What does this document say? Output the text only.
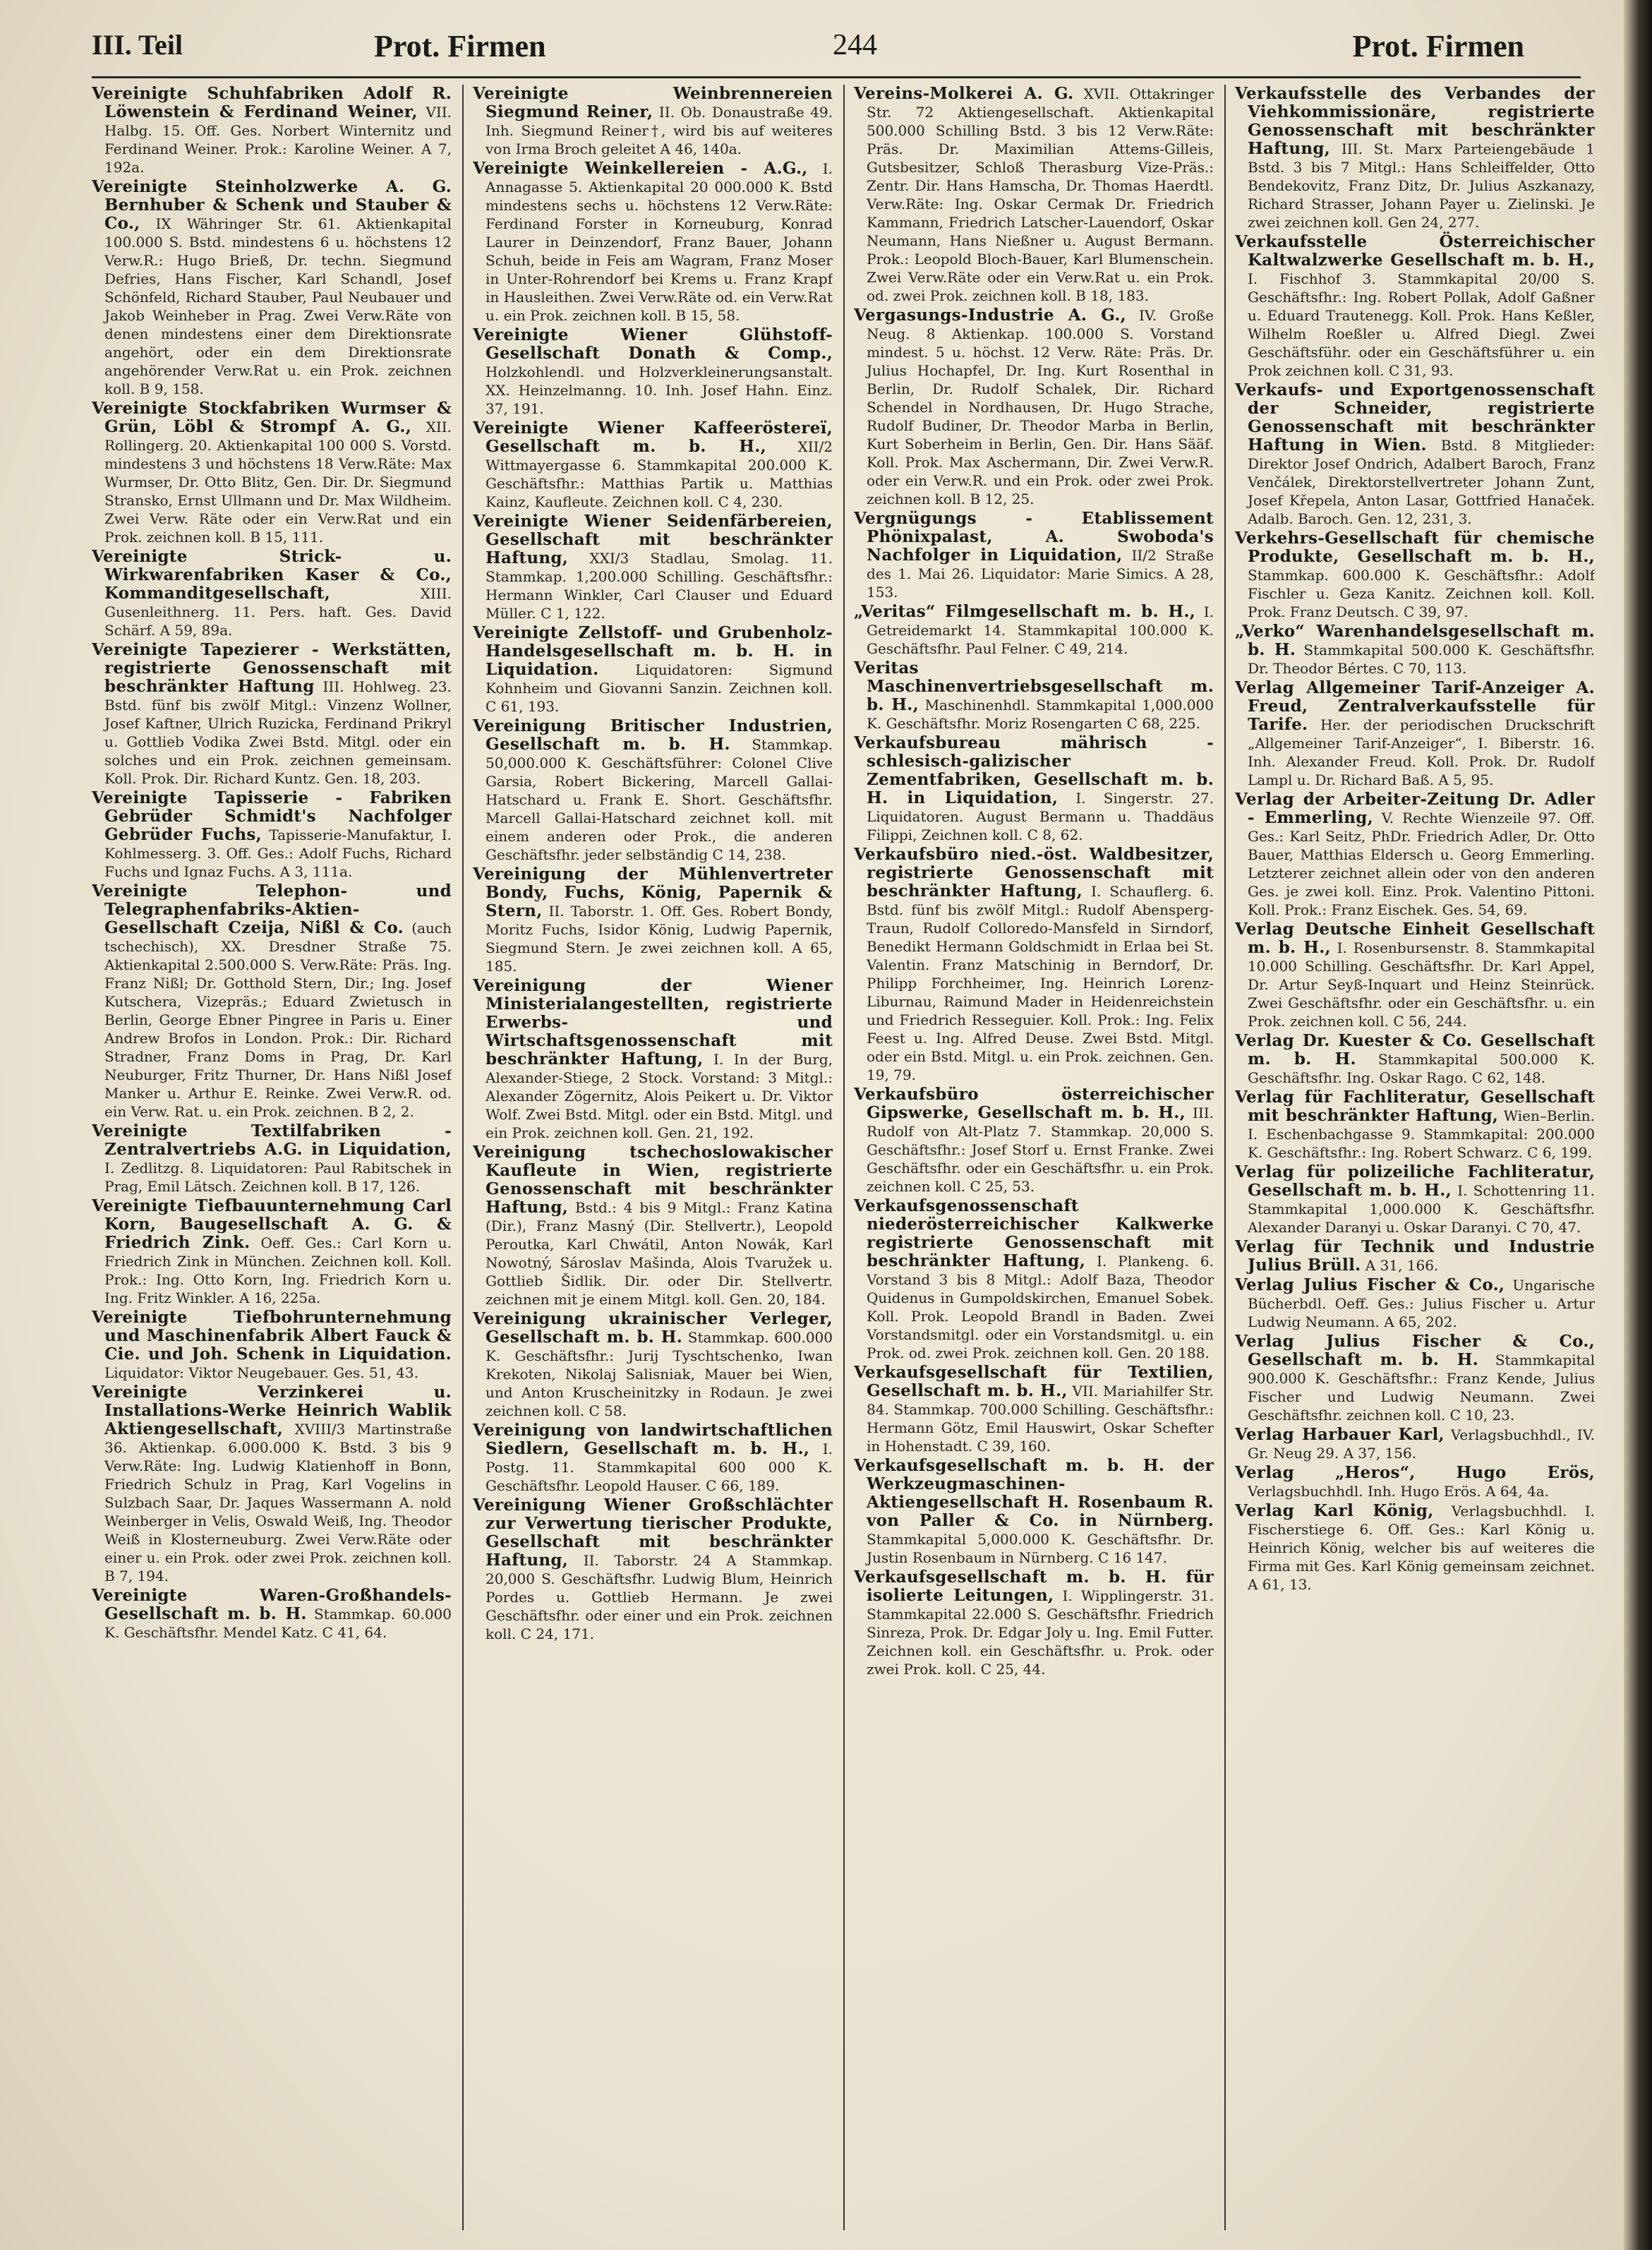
III. Teil	Prot. Firmen	244	Prot. Firmen

Vereinigte Schuhfabriken Adolf R. Löwenstein & Ferdinand Weiner, VII. Halbg. 15. Off. Ges. Norbert Winternitz und Ferdinand Weiner. Prok.: Karoline Weiner. A 7, 192a.

Vereinigte Steinholzwerke A. G. Bernhuber & Schenk und Stauber & Co., IX Währinger Str. 61. Aktienkapital 100.000 S. Bstd. mindestens 6 u. höchstens 12 Verw.R.: Hugo Brieß, Dr. techn. Siegmund Defries, Hans Fischer, Karl Schandl, Josef Schönfeld, Richard Stauber, Paul Neubauer und Jakob Weinheber in Prag. Zwei Verw.Räte von denen mindestens einer dem Direktionsrate angehört, oder ein dem Direktionsrate angehörender Verw.Rat u. ein Prok. zeichnen koll. B 9, 158.

Vereinigte Stockfabriken Wurmser & Grün, Löbl & Strompf A. G., XII. Rollingerg. 20. Aktienkapital 100 000 S. Vorstd. mindestens 3 und höchstens 18 Verw.Räte: Max Wurmser, Dr. Otto Blitz, Gen. Dir. Dr. Siegmund Stransko, Ernst Ullmann und Dr. Max Wildheim. Zwei Verw. Räte oder ein Verw.Rat und ein Prok. zeichnen koll. B 15, 111.

Vereinigte Strick- u. Wirkwarenfabriken Kaser & Co., Kommanditgesellschaft,	XIII. Gusenleithnerg. 11. Pers. haft. Ges. David Schärf. A 59, 89a.

Vereinigte Tapezierer - Werkstätten, registrierte Genossenschaft mit beschränkter Haftung III. Hohlweg. 23. Bstd. fünf bis zwölf Mitgl.: Vinzenz Wollner, Josef Kaftner, Ulrich Ruzicka, Ferdinand Prikryl u. Gottlieb Vodika Zwei Bstd. Mitgl. oder ein solches und ein Prok. zeichnen gemeinsam. Koll. Prok. Dir. Richard Kuntz. Gen. 18, 203.

Vereinigte Tapisserie - Fabriken Gebrüder Schmidt's Nachfolger Gebrüder Fuchs, Tapisserie-Manufaktur, I. Kohlmesserg. 3. Off. Ges.: Adolf Fuchs, Richard Fuchs und Ignaz Fuchs. A 3, 111a.

Vereinigte Telephon- und Telegraphenfabriks-Aktien-Gesellschaft Czeija, Nißl & Co. (auch tschechisch), XX. Dresdner Straße 75. Aktienkapital 2.500.000 S. Verw.Räte: Präs. Ing. Franz Nißl; Dr. Gotthold Stern, Dir.; Ing. Josef Kutschera, Vizepräs.; Eduard Zwietusch in Berlin, George Ebner Pingree in Paris u. Einer Andrew Brofos in London. Prok.: Dir. Richard Stradner, Franz Doms in Prag, Dr. Karl Neuburger, Fritz Thurner, Dr. Hans Nißl Josef Manker u. Arthur E. Reinke. Zwei Verw.R. od. ein Verw. Rat. u. ein Prok. zeichnen. B 2, 2.

Vereinigte Textilfabriken - Zentralvertriebs A.G. in Liquidation, I. Zedlitzg. 8. Liquidatoren: Paul Rabitschek in Prag, Emil Lätsch. Zeichnen koll. B 17, 126.

Vereinigte Tiefbauunternehmung Carl Korn, Baugesellschaft A. G. & Friedrich Zink. Oeff. Ges.: Carl Korn u. Friedrich Zink in München. Zeichnen koll. Koll. Prok.: Ing. Otto Korn, Ing. Friedrich Korn u. Ing. Fritz Winkler. A 16, 225a.

Vereinigte Tiefbohrunternehmung und Maschinenfabrik Albert Fauck & Cie. und Joh. Schenk in Liquidation. Liquidator: Viktor Neugebauer. Ges. 51, 43.

Vereinigte Verzinkerei u. Installations-Werke Heinrich Wablik Aktiengesellschaft, XVIII/3 Martinstraße 36. Aktienkap. 6.000.000 K. Bstd. 3 bis 9 Verw.Räte: Ing. Ludwig Klatienhoff in Bonn, Friedrich Schulz in Prag, Karl Vogelins in Sulzbach Saar, Dr. Jaques Wassermann A. nold Weinberger in Velis, Oswald Weiß, Ing. Theodor Weiß in Klosterneuburg. Zwei Verw.Räte oder einer u. ein Prok. oder zwei Prok. zeichnen koll. B 7, 194.

Vereinigte Waren-Großhandels-Gesellschaft m. b. H. Stammkap. 60.000 K. Geschäftsfhr. Mendel Katz. C 41, 64.

Vereinigte Weinbrennereien Siegmund Reiner, II. Ob. Donaustraße 49. Inh. Siegmund Reiner†, wird bis auf weiteres von Irma Broch geleitet A 46, 140a.

Vereinigte Weinkellereien - A.G., I. Annagasse 5. Aktienkapital 20 000.000 K. Bstd mindestens sechs u. höchstens 12 Verw.Räte: Ferdinand Forster in Korneuburg, Konrad Laurer in Deinzendorf, Franz Bauer, Johann Schuh, beide in Feis am Wagram, Franz Moser in Unter-Rohrendorf bei Krems u. Franz Krapf in Hausleithen. Zwei Verw.Räte od. ein Verw.Rat u. ein Prok. zeichnen koll. B 15, 58.

Vereinigte Wiener Glühstoff-Gesellschaft Donath & Comp., Holzkohlendl. und Holzverkleinerungsanstalt. XX. Heinzelmanng. 10. Inh. Josef Hahn. Einz. 37, 191.

Vereinigte Wiener Kaffeeröstereï, Gesellschaft m. b. H., XII/2 Wittmayergasse 6. Stammkapital 200.000 K. Geschäftsfhr.: Matthias Partik u. Matthias Kainz, Kaufleute. Zeichnen koll. C 4, 230.

Vereinigte Wiener Seidenfärbereien, Gesellschaft mit beschränkter Haftung, XXI/3 Stadlau, Smolag. 11. Stammkap. 1,200.000 Schilling. Geschäftsfhr.: Hermann Winkler, Carl Clauser und Eduard Müller. C 1, 122.

Vereinigte Zellstoff- und Grubenholz-Handelsgesellschaft m. b. H. in Liquidation.	Liquidatoren: Sigmund Kohnheim und Giovanni Sanzin. Zeichnen koll. C 61, 193.

Vereinigung Britischer Industrien, Gesellschaft m. b. H. Stammkap. 50,000.000 K. Geschäftsführer: Colonel Clive Garsia, Robert Bickering, Marcell Gallai-Hatschard u. Frank E. Short. Geschäftsfhr. Marcell Gallai-Hatschard zeichnet koll. mit einem anderen oder Prok., die anderen Geschäftsfhr. jeder selbständig C 14, 238.

Vereinigung der Mühlenvertreter Bondy, Fuchs, König, Papernik & Stern, II. Taborstr. 1. Off. Ges. Robert Bondy, Moritz Fuchs, Isidor König, Ludwig Papernik, Siegmund Stern. Je zwei zeichnen koll. A 65, 185.

Vereinigung der Wiener Ministerialangestellten, registrierte Erwerbs- und Wirtschaftsgenossenschaft mit beschränkter Haftung, I. In der Burg, Alexander-Stiege, 2 Stock. Vorstand: 3 Mitgl.: Alexander Zögernitz, Alois Peikert u. Dr. Viktor Wolf. Zwei Bstd. Mitgl. oder ein Bstd. Mitgl. und ein Prok. zeichnen koll. Gen. 21, 192.

Vereinigung tschechoslowakischer Kaufleute in Wien, registrierte Genossenschaft mit beschränkter Haftung, Bstd.: 4 bis 9 Mitgl.: Franz Katina (Dir.), Franz Masný (Dir. Stellvertr.), Leopold Peroutka, Karl Chwátil, Anton Nowák, Karl Nowotný, Sároslav Mašinda, Alois Tvaružek u. Gottlieb Šidlik. Dir. oder Dir. Stellvertr. zeichnen mit je einem Mitgl. koll. Gen. 20, 184.

Vereinigung ukrainischer Verleger, Gesellschaft m. b. H. Stammkap. 600.000 K. Geschäftsfhr.: Jurij Tyschtschenko, Iwan Krekoten, Nikolaj Salisniak, Mauer bei Wien, und Anton Kruscheinitzky in Rodaun. Je zwei zeichnen koll. C 58.

Vereinigung von landwirtschaftlichen Siedlern, Gesellschaft m. b. H., I. Postg. 11. Stammkapital 600 000 K. Geschäftsfhr. Leopold Hauser. C 66, 189.

Vereinigung Wiener Großschlächter zur Verwertung tierischer Produkte, Gesellschaft mit beschränkter Haftung, II. Taborstr. 24 A Stammkap. 20,000 S. Geschäftsfhr. Ludwig Blum, Heinrich Pordes u. Gottlieb Hermann. Je zwei Geschäftsfhr. oder einer und ein Prok. zeichnen koll. C 24, 171.

Vereins-Molkerei A. G. XVII. Ottakringer Str. 72 Aktiengesellschaft. Aktienkapital 500.000 Schilling Bstd. 3 bis 12 Verw.Räte: Präs. Dr. Maximilian Attems-Gilleis, Gutsbesitzer, Schloß Therasburg Vize-Präs.: Zentr. Dir. Hans Hamscha, Dr. Thomas Haerdtl. Verw.Räte: Ing. Oskar Cermak Dr. Friedrich Kammann, Friedrich Latscher-Lauendorf, Oskar Neumann, Hans Nießner u. August Bermann. Prok.: Leopold Bloch-Bauer, Karl Blumenschein. Zwei Verw.Räte oder ein Verw.Rat u. ein Prok. od. zwei Prok. zeichnen koll. B 18, 183.

Vergasungs-Industrie A. G., IV. Große Neug. 8 Aktienkap. 100.000 S. Vorstand mindest. 5 u. höchst. 12 Verw. Räte: Präs. Dr. Julius Hochapfel, Dr. Ing. Kurt Rosenthal in Berlin, Dr. Rudolf Schalek, Dir. Richard Schendel in Nordhausen, Dr. Hugo Strache, Rudolf Budiner, Dr. Theodor Marba in Berlin, Kurt Soberheim in Berlin, Gen. Dir. Hans Sääf. Koll. Prok. Max Aschermann, Dir. Zwei Verw.R. oder ein Verw.R. und ein Prok. oder zwei Prok. zeichnen koll. B 12, 25.

Vergnügungs - Etablissement Phönixpalast, A. Swoboda's Nachfolger in Liquidation, II/2 Straße des 1. Mai 26. Liquidator: Marie Simics. A 28, 153.

„Veritas“ Filmgesellschaft m. b. H., I. Getreidemarkt 14. Stammkapital 100.000 K. Geschäftsfhr. Paul Felner. C 49, 214.

Veritas Maschinenvertriebsgesellschaft m. b. H., Maschinenhdl. Stammkapital 1,000.000 K. Geschäftsfhr. Moriz Rosengarten C 68, 225.

Verkaufsbureau mährisch - schlesisch-galizischer Zementfabriken, Gesellschaft m. b. H. in Liquidation, I. Singerstr. 27. Liquidatoren. August Bermann u. Thaddäus Filippi, Zeichnen koll. C 8, 62.

Verkaufsbüro nied.-öst. Waldbesitzer, registrierte Genossenschaft mit beschränkter Haftung, I. Schauflerg. 6. Bstd. fünf bis zwölf Mitgl.: Rudolf Abensperg-Traun, Rudolf Colloredo-Mansfeld in Sirndorf, Benedikt Hermann Goldschmidt in Erlaa bei St. Valentin. Franz Matschinig in Berndorf, Dr. Philipp Forchheimer, Ing. Heinrich Lorenz-Liburnau, Raimund Mader in Heidenreichstein und Friedrich Resseguier. Koll. Prok.: Ing. Felix Feest u. Ing. Alfred Deuse. Zwei Bstd. Mitgl. oder ein Bstd. Mitgl. u. ein Prok. zeichnen. Gen. 19, 79.

Verkaufsbüro österreichischer Gipswerke, Gesellschaft m. b. H., III. Rudolf von Alt-Platz 7. Stammkap. 20,000 S. Geschäftsfhr.: Josef Storf u. Ernst Franke. Zwei Geschäftsfhr. oder ein Geschäftsfhr. u. ein Prok. zeichnen koll. C 25, 53.

Verkaufsgenossenschaft niederösterreichischer Kalkwerke registrierte Genossenschaft mit beschränkter Haftung, I. Plankeng. 6. Vorstand 3 bis 8 Mitgl.: Adolf Baza, Theodor Quidenus in Gumpoldskirchen, Emanuel Sobek. Koll. Prok. Leopold Brandl in Baden. Zwei Vorstandsmitgl. oder ein Vorstandsmitgl. u. ein Prok. od. zwei Prok. zeichnen koll. Gen. 20 188.

Verkaufsgesellschaft für Textilien, Gesellschaft m. b. H., VII. Mariahilfer Str. 84. Stammkap. 700.000 Schilling. Geschäftsfhr.: Hermann Götz, Emil Hauswirt, Oskar Schefter in Hohenstadt. C 39, 160.

Verkaufsgesellschaft m. b. H. der Werkzeugmaschinen-Aktiengesellschaft H. Rosenbaum R. von Paller & Co. in Nürnberg. Stammkapital 5,000.000 K. Geschäftsfhr. Dr. Justin Rosenbaum in Nürnberg. C 16 147.

Verkaufsgesellschaft m. b. H. für isolierte Leitungen, I. Wipplingerstr. 31. Stammkapital 22.000 S. Geschäftsfhr. Friedrich Sinreza, Prok. Dr. Edgar Joly u. Ing. Emil Futter. Zeichnen koll. ein Geschäftsfhr. u. Prok. oder zwei Prok. koll. C 25, 44.

Verkaufsstelle des Verbandes der Viehkommissionäre, registrierte Genossenschaft mit beschränkter Haftung, III. St. Marx Parteiengebäude 1 Bstd. 3 bis 7 Mitgl.: Hans Schleiffelder, Otto Bendekovitz, Franz Ditz, Dr. Julius Aszkanazy, Richard Strasser, Johann Payer u. Zielinski. Je zwei zeichnen koll. Gen 24, 277.

Verkaufsstelle Österreichischer Kaltwalzwerke Gesellschaft m. b. H., I. Fischhof 3. Stammkapital 20/00 S. Geschäftsfhr.: Ing. Robert Pollak, Adolf Gaßner u. Eduard Trautenegg. Koll. Prok. Hans Keßler, Wilhelm Roeßler u. Alfred Diegl. Zwei Geschäftsführ. oder ein Geschäftsführer u. ein Prok zeichnen koll. C 31, 93.

Verkaufs- und Exportgenossenschaft der Schneider, registrierte Genossenschaft mit beschränkter Haftung in Wien. Bstd. 8 Mitglieder: Direktor Josef Ondrich, Adalbert Baroch, Franz Venčálek, Direktorstellvertreter Johann Zunt, Josef Křepela, Anton Lasar, Gottfried Hanaček. Adalb. Baroch. Gen. 12, 231, 3.

Verkehrs-Gesellschaft für chemische Produkte, Gesellschaft m. b. H., Stammkap. 600.000 K. Geschäftsfhr.: Adolf Fischler u. Geza Kanitz. Zeichnen koll. Koll. Prok. Franz Deutsch. C 39, 97.

„Verko“ Warenhandelsgesellschaft m. b. H. Stammkapital 500.000 K. Geschäftsfhr. Dr. Theodor Bértes. C 70, 113.

Verlag Allgemeiner Tarif-Anzeiger A. Freud, Zentralverkaufsstelle für Tarife. Her. der periodischen Druckschrift „Allgemeiner Tarif-Anzeiger“, I. Biberstr. 16. Inh. Alexander Freud. Koll. Prok. Dr. Rudolf Lampl u. Dr. Richard Baß. A 5, 95.

Verlag der Arbeiter-Zeitung Dr. Adler - Emmerling, V. Rechte Wienzeile 97. Off. Ges.: Karl Seitz, PhDr. Friedrich Adler, Dr. Otto Bauer, Matthias Eldersch u. Georg Emmerling. Letzterer zeichnet allein oder von den anderen Ges. je zwei koll. Einz. Prok. Valentino Pittoni. Koll. Prok.: Franz Eischek. Ges. 54, 69.

Verlag Deutsche Einheit Gesellschaft m. b. H., I. Rosenbursenstr. 8. Stammkapital 10.000 Schilling. Geschäftsfhr. Dr. Karl Appel, Dr. Artur Seyß-Inquart und Heinz Steinrück. Zwei Geschäftsfhr. oder ein Geschäftsfhr. u. ein Prok. zeichnen koll. C 56, 244.

Verlag Dr. Kuester & Co. Gesellschaft m. b. H. Stammkapital 500.000 K. Geschäftsfhr. Ing. Oskar Rago. C 62, 148.

Verlag für Fachliteratur, Gesellschaft mit beschränkter Haftung, Wien–Berlin. I. Eschenbachgasse 9. Stammkapital: 200.000 K. Geschäftsfhr.: Ing. Robert Schwarz. C 6, 199.

Verlag für polizeiliche Fachliteratur, Gesellschaft m. b. H., I. Schottenring 11. Stammkapital 1,000.000 K. Geschäftsfhr. Alexander Daranyi u. Oskar Daranyi. C 70, 47.

Verlag für Technik und Industrie Julius Brüll. A 31, 166.

Verlag Julius Fischer & Co., Ungarische Bücherbdl. Oeff. Ges.: Julius Fischer u. Artur Ludwig Neumann. A 65, 202.

Verlag Julius Fischer & Co., Gesellschaft m. b. H. Stammkapital 900.000 K. Geschäftsfhr.: Franz Kende, Julius Fischer und Ludwig Neumann. Zwei Geschäftsfhr. zeichnen koll. C 10, 23.

Verlag Harbauer Karl, Verlagsbuchhdl., IV. Gr. Neug 29. A 37, 156.

Verlag „Heros“, Hugo Erös, Verlagsbuchhdl. Inh. Hugo Erös. A 64, 4a.

Verlag Karl König, Verlagsbuchhdl. I. Fischerstiege 6. Off. Ges.: Karl König u. Heinrich König, welcher bis auf weiteres die Firma mit Ges. Karl König gemeinsam zeichnet. A 61, 13.
